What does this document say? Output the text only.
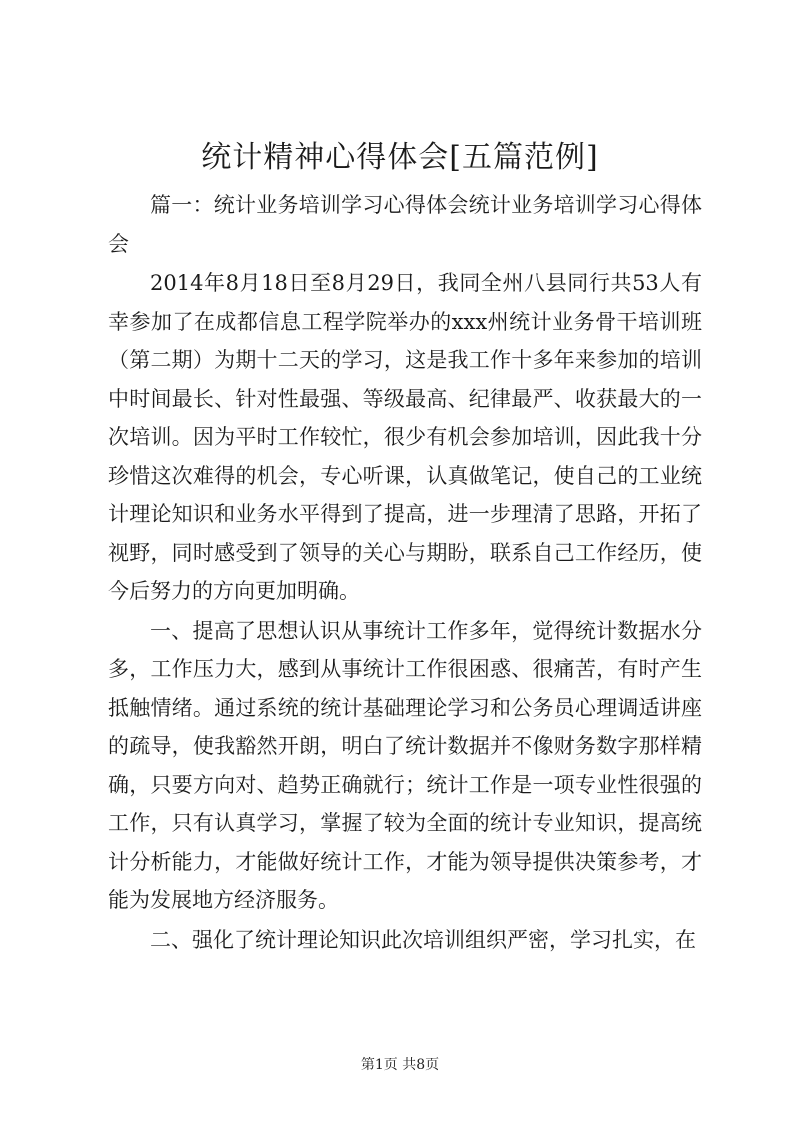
统计精神心得体会[五篇范例]

篇一：统计业务培训学习心得体会统计业务培训学习心得体会

2014年8月18日至8月29日，我同全州八县同行共53人有幸参加了在成都信息工程学院举办的xxx州统计业务骨干培训班（第二期）为期十二天的学习，这是我工作十多年来参加的培训中时间最长、针对性最强、等级最高、纪律最严、收获最大的一次培训。因为平时工作较忙，很少有机会参加培训，因此我十分珍惜这次难得的机会，专心听课，认真做笔记，使自己的工业统计理论知识和业务水平得到了提高，进一步理清了思路，开拓了视野，同时感受到了领导的关心与期盼，联系自己工作经历，使今后努力的方向更加明确。

一、提高了思想认识从事统计工作多年，觉得统计数据水分多，工作压力大，感到从事统计工作很困惑、很痛苦，有时产生抵触情绪。通过系统的统计基础理论学习和公务员心理调适讲座的疏导，使我豁然开朗，明白了统计数据并不像财务数字那样精确，只要方向对、趋势正确就行；统计工作是一项专业性很强的工作，只有认真学习，掌握了较为全面的统计专业知识，提高统计分析能力，才能做好统计工作，才能为领导提供决策参考，才能为发展地方经济服务。

二、强化了统计理论知识此次培训组织严密，学习扎实，在

第1页 共8页
